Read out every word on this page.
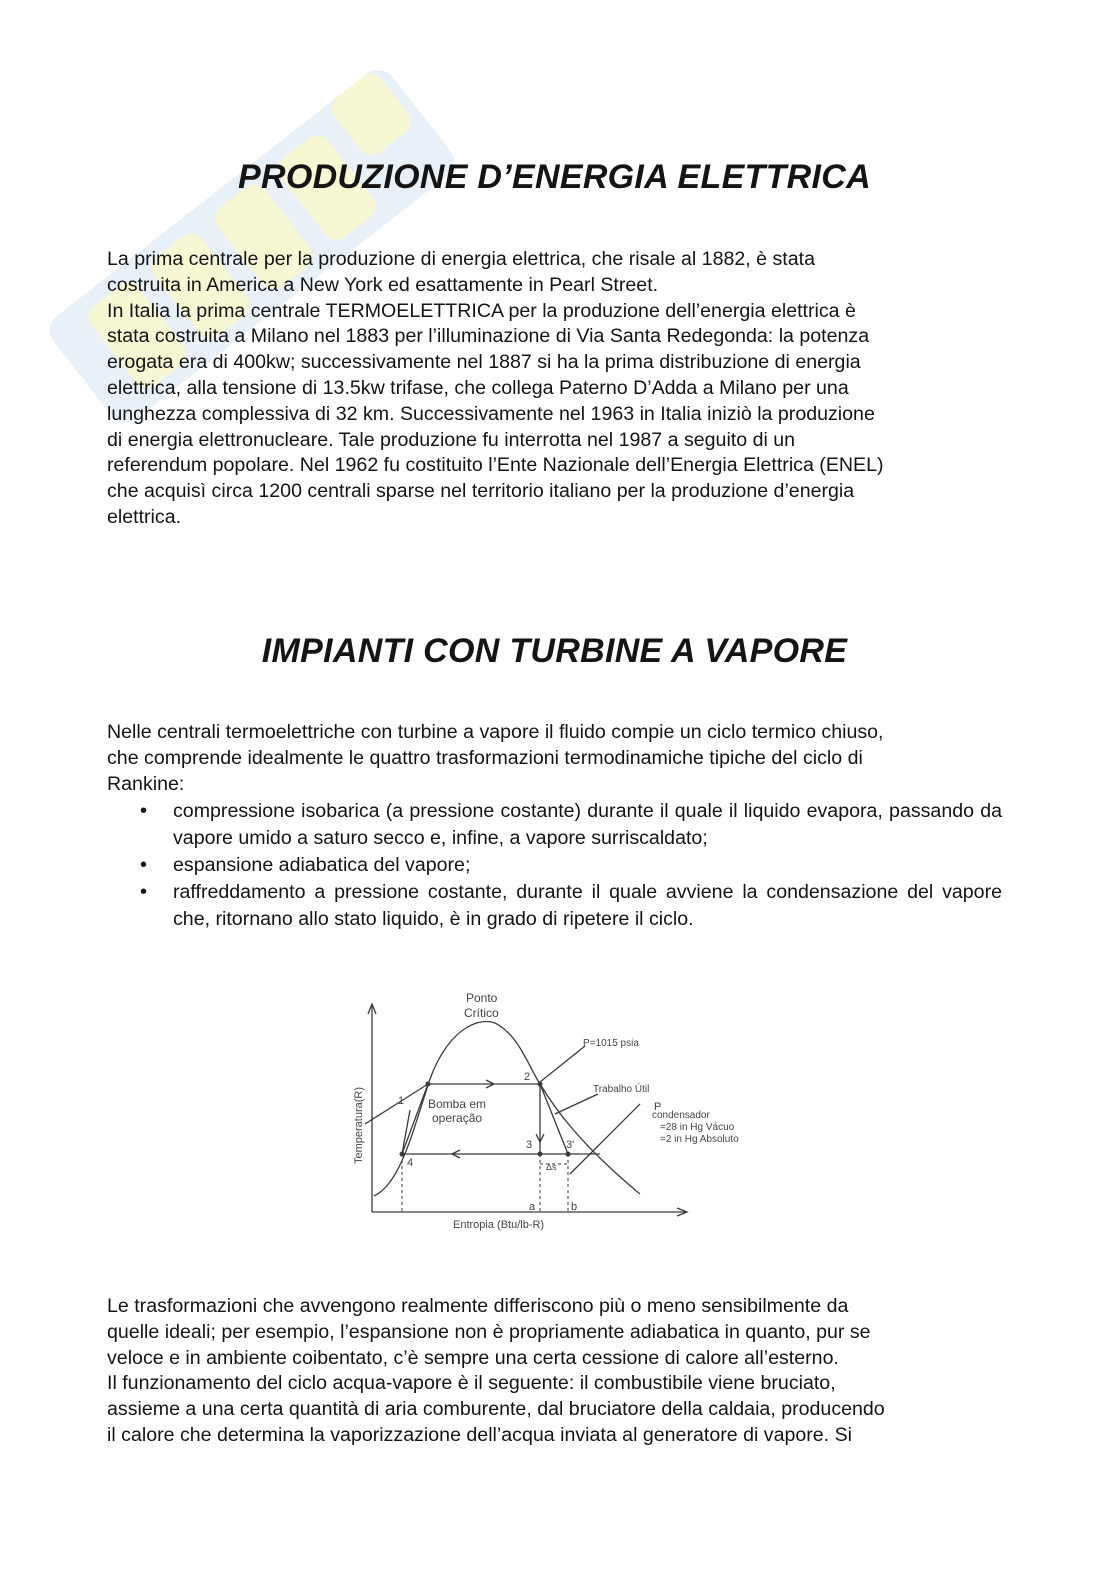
PRODUZIONE D’ENERGIA ELETTRICA

La prima centrale per la produzione di energia elettrica, che risale al 1882, è stata
costruita in America a New York ed esattamente in Pearl Street.
In Italia la prima centrale TERMOELETTRICA per la produzione dell’energia elettrica è
stata costruita a Milano nel 1883 per l’illuminazione di Via Santa Redegonda: la potenza
erogata era di 400kw; successivamente nel 1887 si ha la prima distribuzione di energia
elettrica, alla tensione di 13.5kw trifase, che collega Paterno D’Adda a Milano per una
lunghezza complessiva di 32 km. Successivamente nel 1963 in Italia iniziò la produzione
di energia elettronucleare. Tale produzione fu interrotta nel 1987 a seguito di un
referendum popolare. Nel 1962 fu costituito l’Ente Nazionale dell’Energia Elettrica (ENEL)
che acquisì circa 1200 centrali sparse nel territorio italiano per la produzione d’energia
elettrica.

IMPIANTI CON TURBINE A VAPORE

Nelle centrali termoelettriche con turbine a vapore il fluido compie un ciclo termico chiuso,
che comprende idealmente le quattro trasformazioni termodinamiche tipiche del ciclo di
Rankine:

• compressione isobarica (a pressione costante) durante il quale il liquido evapora, passando da vapore umido a saturo secco e, infine, a vapore surriscaldato;
• espansione adiabatica del vapore;
• raffreddamento a pressione costante, durante il quale avviene la condensazione del vapore che, ritornano allo stato liquido, è in grado di ripetere il ciclo.

Le trasformazioni che avvengono realmente differiscono più o meno sensibilmente da
quelle ideali; per esempio, l’espansione non è propriamente adiabatica in quanto, pur se
veloce e in ambiente coibentato, c’è sempre una certa cessione di calore all’esterno.
Il funzionamento del ciclo acqua-vapore è il seguente: il combustibile viene bruciato,
assieme a una certa quantità di aria comburente, dal bruciatore della caldaia, producendo
il calore che determina la vaporizzazione dell’acqua inviata al generatore di vapore. Si

Ponto
Crítico
P=1015 psia
Trabalho Útil
P
condensador
=28 in Hg Vácuo
=2 in Hg Absoluto
Bomba em
operação
Temperatura(R)
Entropia (Btu/lb-R)
1
2
3	3'
4
a	b
Δs
